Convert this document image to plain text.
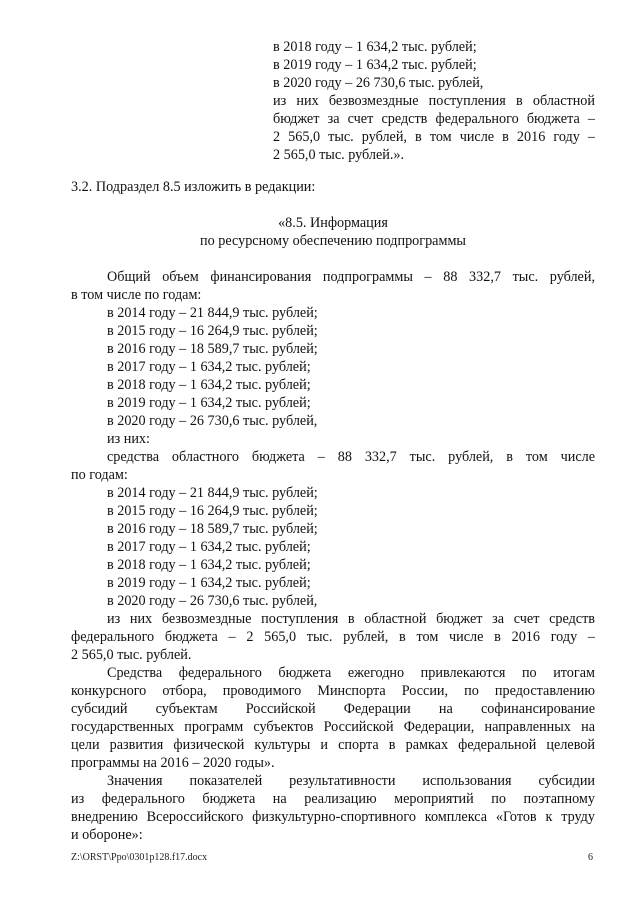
в 2018 году – 1 634,2 тыс. рублей;
в 2019 году – 1 634,2 тыс. рублей;
в 2020 году – 26 730,6 тыс. рублей,
из них безвозмездные поступления в областной
бюджет за счет средств федерального бюджета –
2 565,0 тыс. рублей, в том числе в 2016 году –
2 565,0 тыс. рублей.».
3.2. Подраздел 8.5 изложить в редакции:
«8.5. Информация
по ресурсному обеспечению подпрограммы
Общий объем финансирования подпрограммы – 88 332,7 тыс. рублей,
в том числе по годам:
в 2014 году – 21 844,9 тыс. рублей;
в 2015 году – 16 264,9 тыс. рублей;
в 2016 году – 18 589,7 тыс. рублей;
в 2017 году – 1 634,2 тыс. рублей;
в 2018 году – 1 634,2 тыс. рублей;
в 2019 году – 1 634,2 тыс. рублей;
в 2020 году – 26 730,6 тыс. рублей,
из них:
средства областного бюджета – 88 332,7 тыс. рублей, в том числе
по годам:
в 2014 году – 21 844,9 тыс. рублей;
в 2015 году – 16 264,9 тыс. рублей;
в 2016 году – 18 589,7 тыс. рублей;
в 2017 году – 1 634,2 тыс. рублей;
в 2018 году – 1 634,2 тыс. рублей;
в 2019 году – 1 634,2 тыс. рублей;
в 2020 году – 26 730,6 тыс. рублей,
из них безвозмездные поступления в областной бюджет за счет средств
федерального бюджета – 2 565,0 тыс. рублей, в том числе в 2016 году –
2 565,0 тыс. рублей.
Средства федерального бюджета ежегодно привлекаются по итогам
конкурсного отбора, проводимого Минспорта России, по предоставлению
субсидий субъектам Российской Федерации на софинансирование
государственных программ субъектов Российской Федерации, направленных на
цели развития физической культуры и спорта в рамках федеральной целевой
программы на 2016 – 2020 годы».
Значения показателей результативности использования субсидии
из федерального бюджета на реализацию мероприятий по поэтапному
внедрению Всероссийского физкультурно-спортивного комплекса «Готов к труду
и обороне»:
Z:\ORST\Ppo\0301p128.f17.docx	6
